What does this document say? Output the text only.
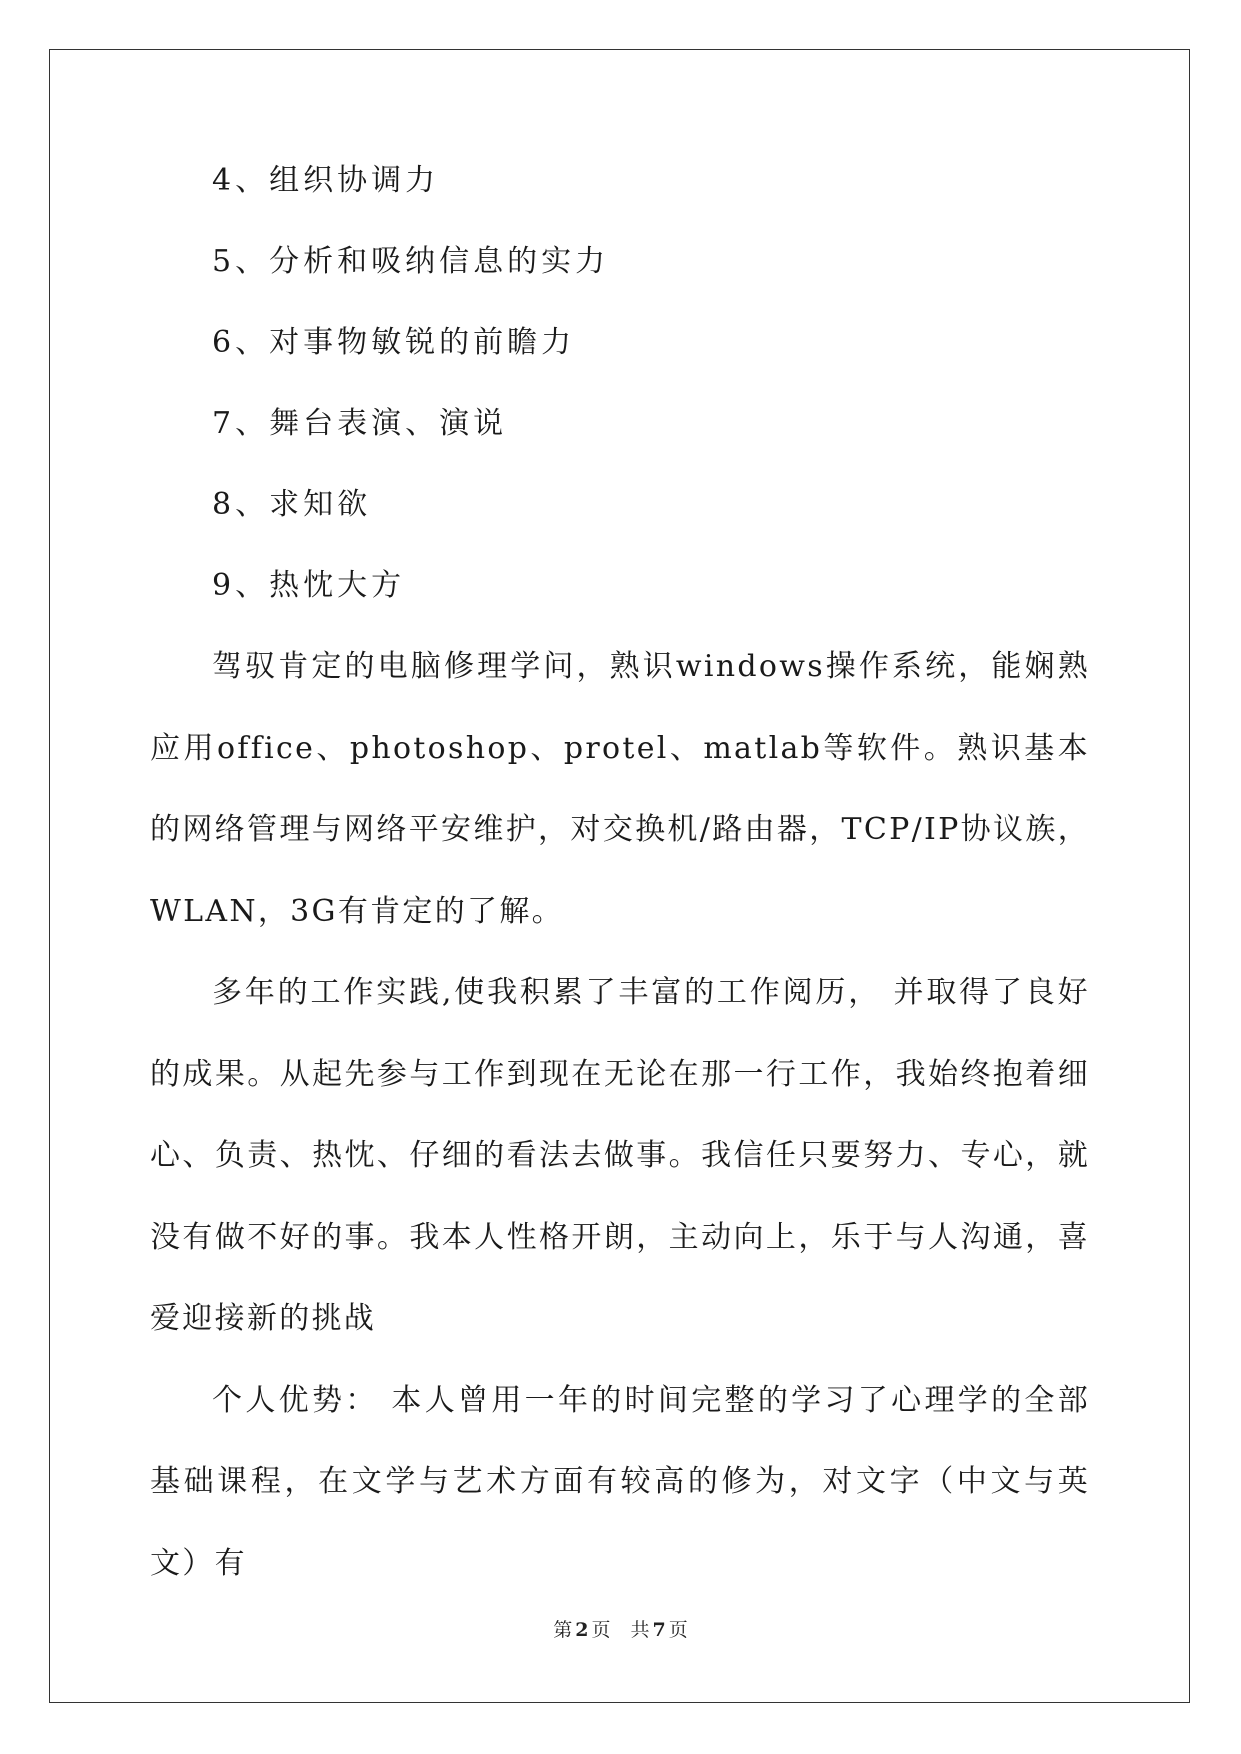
4、组织协调力
5、分析和吸纳信息的实力
6、对事物敏锐的前瞻力
7、舞台表演、演说
8、求知欲
9、热忱大方

驾驭肯定的电脑修理学问，熟识windows操作系统，能娴熟应用office、photoshop、protel、matlab等软件。熟识基本的网络管理与网络平安维护，对交换机/路由器，TCP/IP协议族，WLAN，3G有肯定的了解。

多年的工作实践,使我积累了丰富的工作阅历， 并取得了良好的成果。从起先参与工作到现在无论在那一行工作，我始终抱着细心、负责、热忱、仔细的看法去做事。我信任只要努力、专心，就没有做不好的事。我本人性格开朗，主动向上，乐于与人沟通，喜爱迎接新的挑战

个人优势： 本人曾用一年的时间完整的学习了心理学的全部基础课程，在文学与艺术方面有较高的修为，对文字（中文与英文）有

第 2 页 共 7 页
